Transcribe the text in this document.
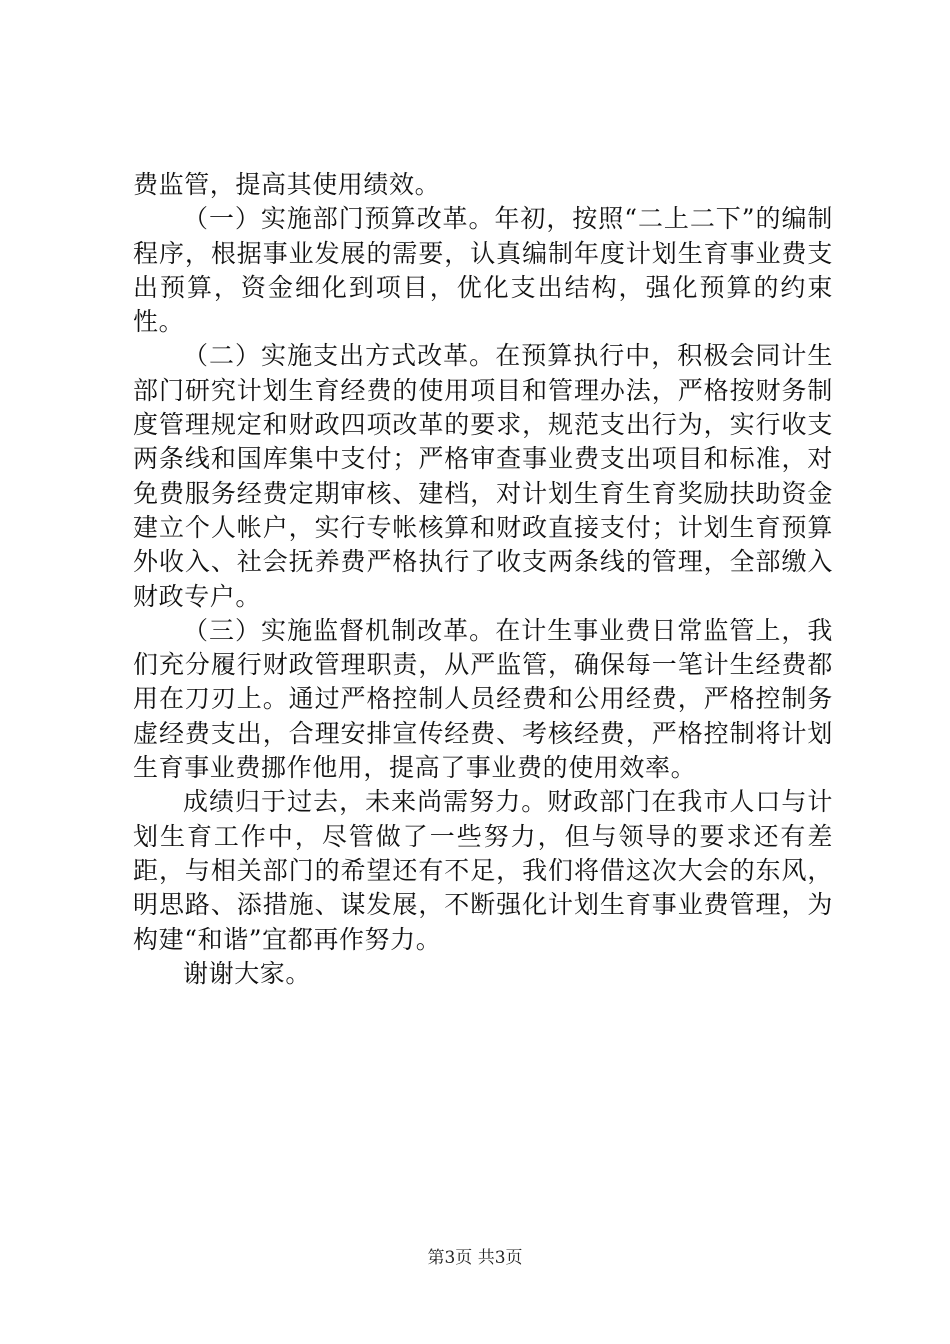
费监管，提高其使用绩效。

（一）实施部门预算改革。年初，按照“二上二下”的编制程序，根据事业发展的需要，认真编制年度计划生育事业费支出预算，资金细化到项目，优化支出结构，强化预算的约束性。

（二）实施支出方式改革。在预算执行中，积极会同计生部门研究计划生育经费的使用项目和管理办法，严格按财务制度管理规定和财政四项改革的要求，规范支出行为，实行收支两条线和国库集中支付；严格审查事业费支出项目和标准，对免费服务经费定期审核、建档，对计划生育生育奖励扶助资金建立个人帐户，实行专帐核算和财政直接支付；计划生育预算外收入、社会抚养费严格执行了收支两条线的管理，全部缴入财政专户。

（三）实施监督机制改革。在计生事业费日常监管上，我们充分履行财政管理职责，从严监管，确保每一笔计生经费都用在刀刃上。通过严格控制人员经费和公用经费，严格控制务虚经费支出，合理安排宣传经费、考核经费，严格控制将计划生育事业费挪作他用，提高了事业费的使用效率。

成绩归于过去，未来尚需努力。财政部门在我市人口与计划生育工作中，尽管做了一些努力，但与领导的要求还有差距，与相关部门的希望还有不足，我们将借这次大会的东风，明思路、添措施、谋发展，不断强化计划生育事业费管理，为构建“和谐”宜都再作努力。

谢谢大家。

第3页 共3页
